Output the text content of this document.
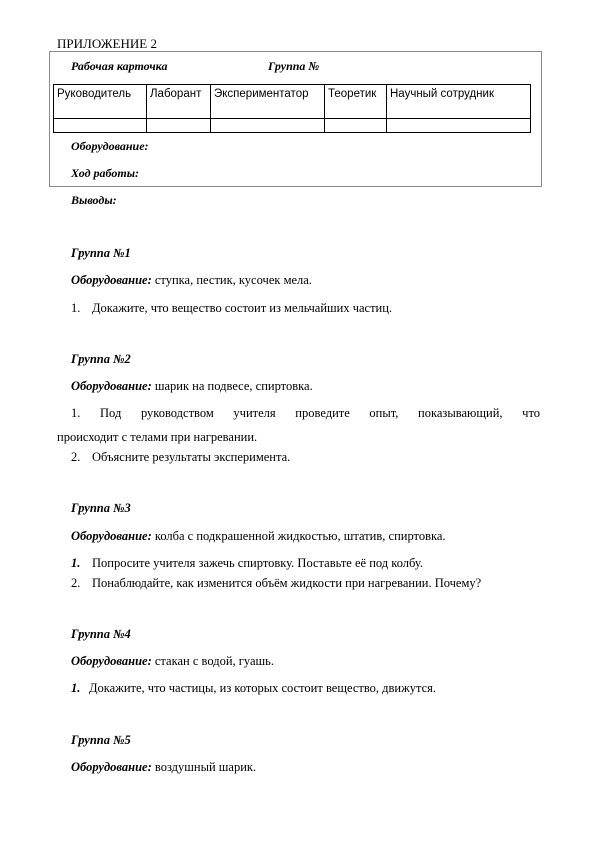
ПРИЛОЖЕНИЕ 2
Рабочая карточка	Группа №
Руководитель	Лаборант	Экспериментатор	Теоретик	Научный сотрудник

Оборудование:
Ход работы:
Выводы:
Группа №1
Оборудование: ступка, пестик, кусочек мела.
1. Докажите, что вещество состоит из мельчайших частиц.
Группа №2
Оборудование: шарик на подвесе, спиртовка.
1. Под руководством учителя проведите опыт, показывающий, что
происходит с телами при нагревании.
2. Объясните результаты эксперимента.
Группа №3
Оборудование: колба с подкрашенной жидкостью, штатив, спиртовка.
1. Попросите учителя зажечь спиртовку. Поставьте её под колбу.
2. Понаблюдайте, как изменится объём жидкости при нагревании. Почему?
Группа №4
Оборудование: стакан с водой, гуашь.
1. Докажите, что частицы, из которых состоит вещество, движутся.
Группа №5
Оборудование: воздушный шарик.
